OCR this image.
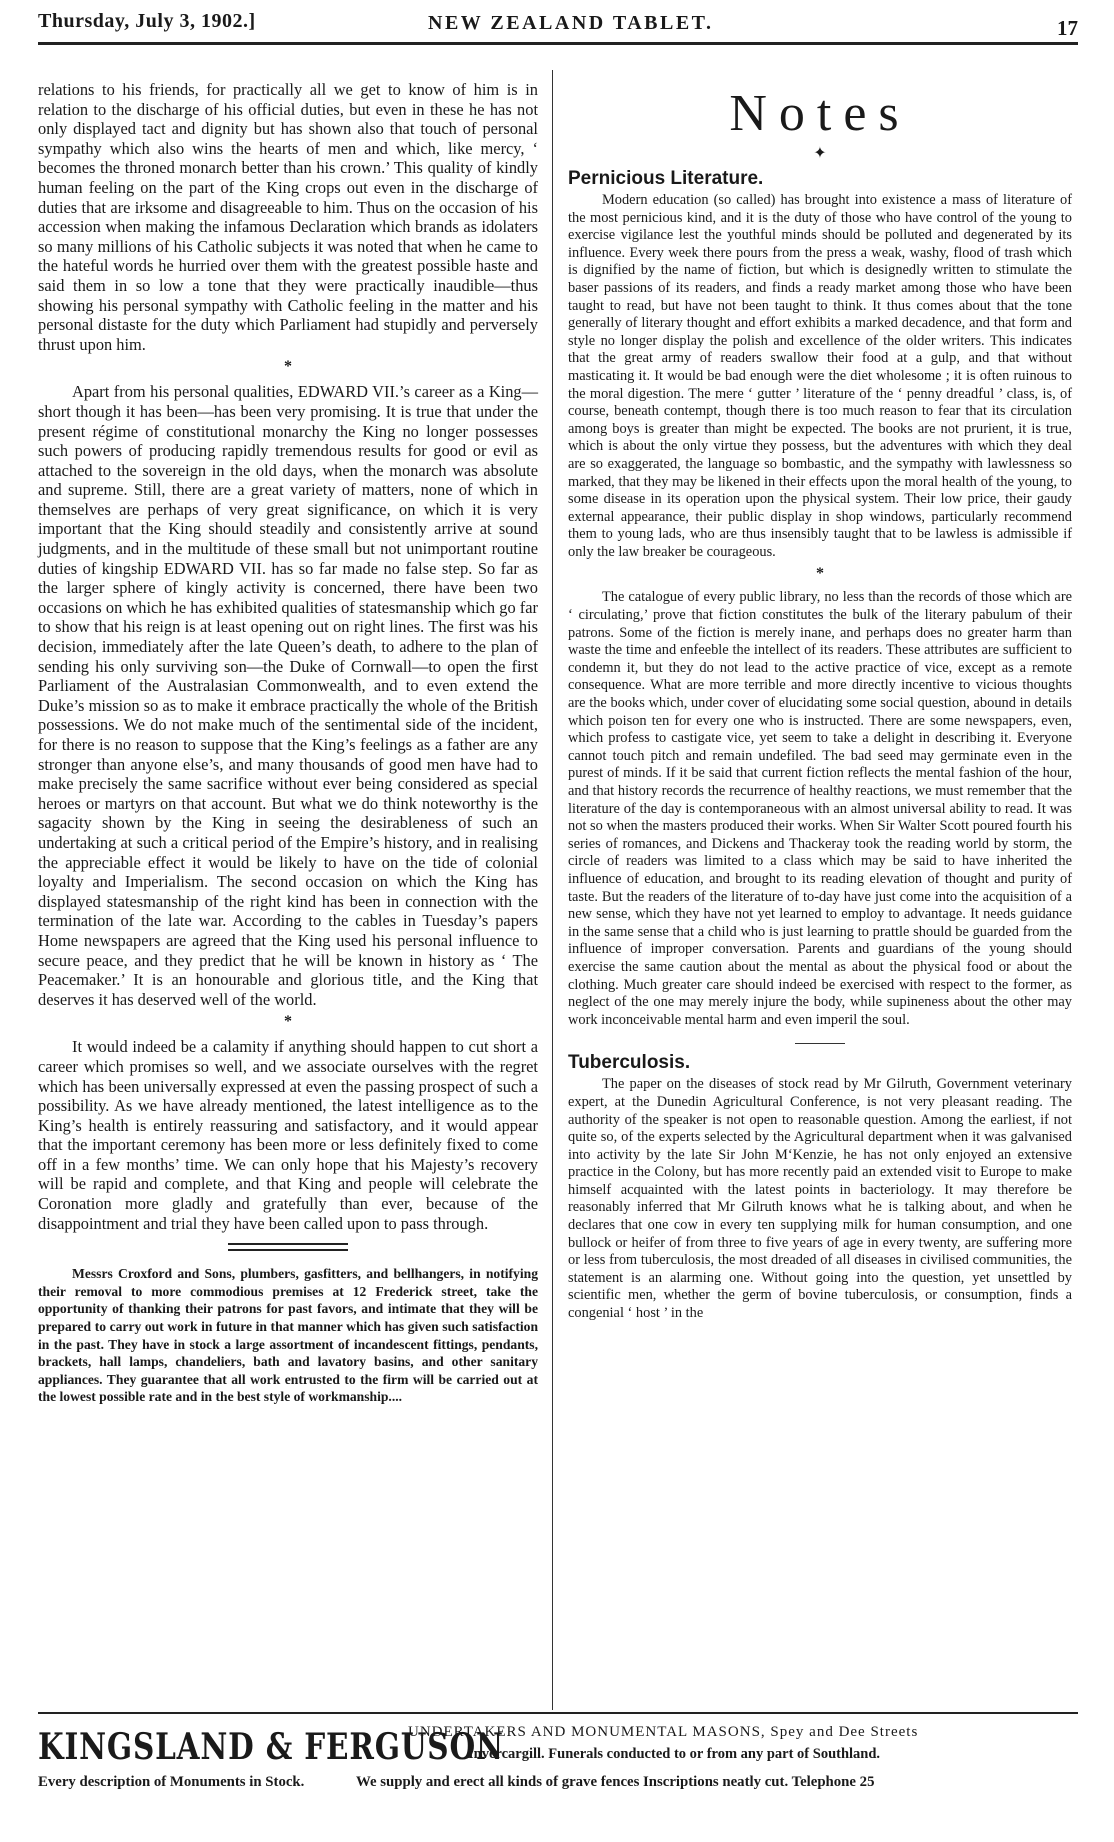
Thursday, July 3, 1902.]	NEW ZEALAND TABLET.	17

relations to his friends, for practically all we get to know of him is in relation to the discharge of his official duties, but even in these he has not only displayed tact and dignity but has shown also that touch of personal sympathy which also wins the hearts of men and which, like mercy, ‘ becomes the throned monarch better than his crown.’ This quality of kindly human feeling on the part of the King crops out even in the discharge of duties that are irksome and disagreeable to him. Thus on the occasion of his accession when making the infamous Declaration which brands as idolaters so many millions of his Catholic subjects it was noted that when he came to the hateful words he hurried over them with the greatest possible haste and said them in so low a tone that they were practically inaudible—thus showing his personal sympathy with Catholic feeling in the matter and his personal distaste for the duty which Parliament had stupidly and perversely thrust upon him.

*

Apart from his personal qualities, EDWARD VII.’s career as a King—short though it has been—has been very promising. It is true that under the present régime of constitutional monarchy the King no longer possesses such powers of producing rapidly tremendous results for good or evil as attached to the sovereign in the old days, when the monarch was absolute and supreme. Still, there are a great variety of matters, none of which in themselves are perhaps of very great significance, on which it is very important that the King should steadily and consistently arrive at sound judgments, and in the multitude of these small but not unimportant routine duties of kingship EDWARD VII. has so far made no false step. So far as the larger sphere of kingly activity is concerned, there have been two occasions on which he has exhibited qualities of statesmanship which go far to show that his reign is at least opening out on right lines. The first was his decision, immediately after the late Queen’s death, to adhere to the plan of sending his only surviving son—the Duke of Cornwall—to open the first Parliament of the Australasian Commonwealth, and to even extend the Duke’s mission so as to make it embrace practically the whole of the British possessions. We do not make much of the sentimental side of the incident, for there is no reason to suppose that the King’s feelings as a father are any stronger than anyone else’s, and many thousands of good men have had to make precisely the same sacrifice without ever being considered as special heroes or martyrs on that account. But what we do think noteworthy is the sagacity shown by the King in seeing the desirableness of such an undertaking at such a critical period of the Empire’s history, and in realising the appreciable effect it would be likely to have on the tide of colonial loyalty and Imperialism. The second occasion on which the King has displayed statesmanship of the right kind has been in connection with the termination of the late war. According to the cables in Tuesday’s papers Home newspapers are agreed that the King used his personal influence to secure peace, and they predict that he will be known in history as ‘ The Peacemaker.’ It is an honourable and glorious title, and the King that deserves it has deserved well of the world.

*

It would indeed be a calamity if anything should happen to cut short a career which promises so well, and we associate ourselves with the regret which has been universally expressed at even the passing prospect of such a possibility. As we have already mentioned, the latest intelligence as to the King’s health is entirely reassuring and satisfactory, and it would appear that the important ceremony has been more or less definitely fixed to come off in a few months’ time. We can only hope that his Majesty’s recovery will be rapid and complete, and that King and people will celebrate the Coronation more gladly and gratefully than ever, because of the disappointment and trial they have been called upon to pass through.

Messrs Croxford and Sons, plumbers, gasfitters, and bellhangers, in notifying their removal to more commodious premises at 12 Frederick street, take the opportunity of thanking their patrons for past favors, and intimate that they will be prepared to carry out work in future in that manner which has given such satisfaction in the past. They have in stock a large assortment of incandescent fittings, pendants, brackets, hall lamps, chandeliers, bath and lavatory basins, and other sanitary appliances. They guarantee that all work entrusted to the firm will be carried out at the lowest possible rate and in the best style of workmanship....

Notes
✦
Pernicious Literature.

Modern education (so called) has brought into existence a mass of literature of the most pernicious kind, and it is the duty of those who have control of the young to exercise vigilance lest the youthful minds should be polluted and degenerated by its influence. Every week there pours from the press a weak, washy, flood of trash which is dignified by the name of fiction, but which is designedly written to stimulate the baser passions of its readers, and finds a ready market among those who have been taught to read, but have not been taught to think. It thus comes about that the tone generally of literary thought and effort exhibits a marked decadence, and that form and style no longer display the polish and excellence of the older writers. This indicates that the great army of readers swallow their food at a gulp, and that without masticating it. It would be bad enough were the diet wholesome ; it is often ruinous to the moral digestion. The mere ‘ gutter ’ literature of the ‘ penny dreadful ’ class, is, of course, beneath contempt, though there is too much reason to fear that its circulation among boys is greater than might be expected. The books are not prurient, it is true, which is about the only virtue they possess, but the adventures with which they deal are so exaggerated, the language so bombastic, and the sympathy with lawlessness so marked, that they may be likened in their effects upon the moral health of the young, to some disease in its operation upon the physical system. Their low price, their gaudy external appearance, their public display in shop windows, particularly recommend them to young lads, who are thus insensibly taught that to be lawless is admissible if only the law breaker be courageous.

*

The catalogue of every public library, no less than the records of those which are ‘ circulating,’ prove that fiction constitutes the bulk of the literary pabulum of their patrons. Some of the fiction is merely inane, and perhaps does no greater harm than waste the time and enfeeble the intellect of its readers. These attributes are sufficient to condemn it, but they do not lead to the active practice of vice, except as a remote consequence. What are more terrible and more directly incentive to vicious thoughts are the books which, under cover of elucidating some social question, abound in details which poison ten for every one who is instructed. There are some newspapers, even, which profess to castigate vice, yet seem to take a delight in describing it. Everyone cannot touch pitch and remain undefiled. The bad seed may germinate even in the purest of minds. If it be said that current fiction reflects the mental fashion of the hour, and that history records the recurrence of healthy reactions, we must remember that the literature of the day is contemporaneous with an almost universal ability to read. It was not so when the masters produced their works. When Sir Walter Scott poured fourth his series of romances, and Dickens and Thackeray took the reading world by storm, the circle of readers was limited to a class which may be said to have inherited the influence of education, and brought to its reading elevation of thought and purity of taste. But the readers of the literature of to-day have just come into the acquisition of a new sense, which they have not yet learned to employ to advantage. It needs guidance in the same sense that a child who is just learning to prattle should be guarded from the influence of improper conversation. Parents and guardians of the young should exercise the same caution about the mental as about the physical food or about the clothing. Much greater care should indeed be exercised with respect to the former, as neglect of the one may merely injure the body, while supineness about the other may work inconceivable mental harm and even imperil the soul.

Tuberculosis.

The paper on the diseases of stock read by Mr Gilruth, Government veterinary expert, at the Dunedin Agricultural Conference, is not very pleasant reading. The authority of the speaker is not open to reasonable question. Among the earliest, if not quite so, of the experts selected by the Agricultural department when it was galvanised into activity by the late Sir John M‘Kenzie, he has not only enjoyed an extensive practice in the Colony, but has more recently paid an extended visit to Europe to make himself acquainted with the latest points in bacteriology. It may therefore be reasonably inferred that Mr Gilruth knows what he is talking about, and when he declares that one cow in every ten supplying milk for human consumption, and one bullock or heifer of from three to five years of age in every twenty, are suffering more or less from tuberculosis, the most dreaded of all diseases in civilised communities, the statement is an alarming one. Without going into the question, yet unsettled by scientific men, whether the germ of bovine tuberculosis, or consumption, finds a congenial ‘ host ’ in the

KINGSLAND & FERGUSON
UNDERTAKERS AND MONUMENTAL MASONS, Spey and Dee Streets
Invercargill. Funerals conducted to or from any part of Southland.
Every description of Monuments in Stock.	We supply and erect all kinds of grave fences Inscriptions neatly cut. Telephone 25
